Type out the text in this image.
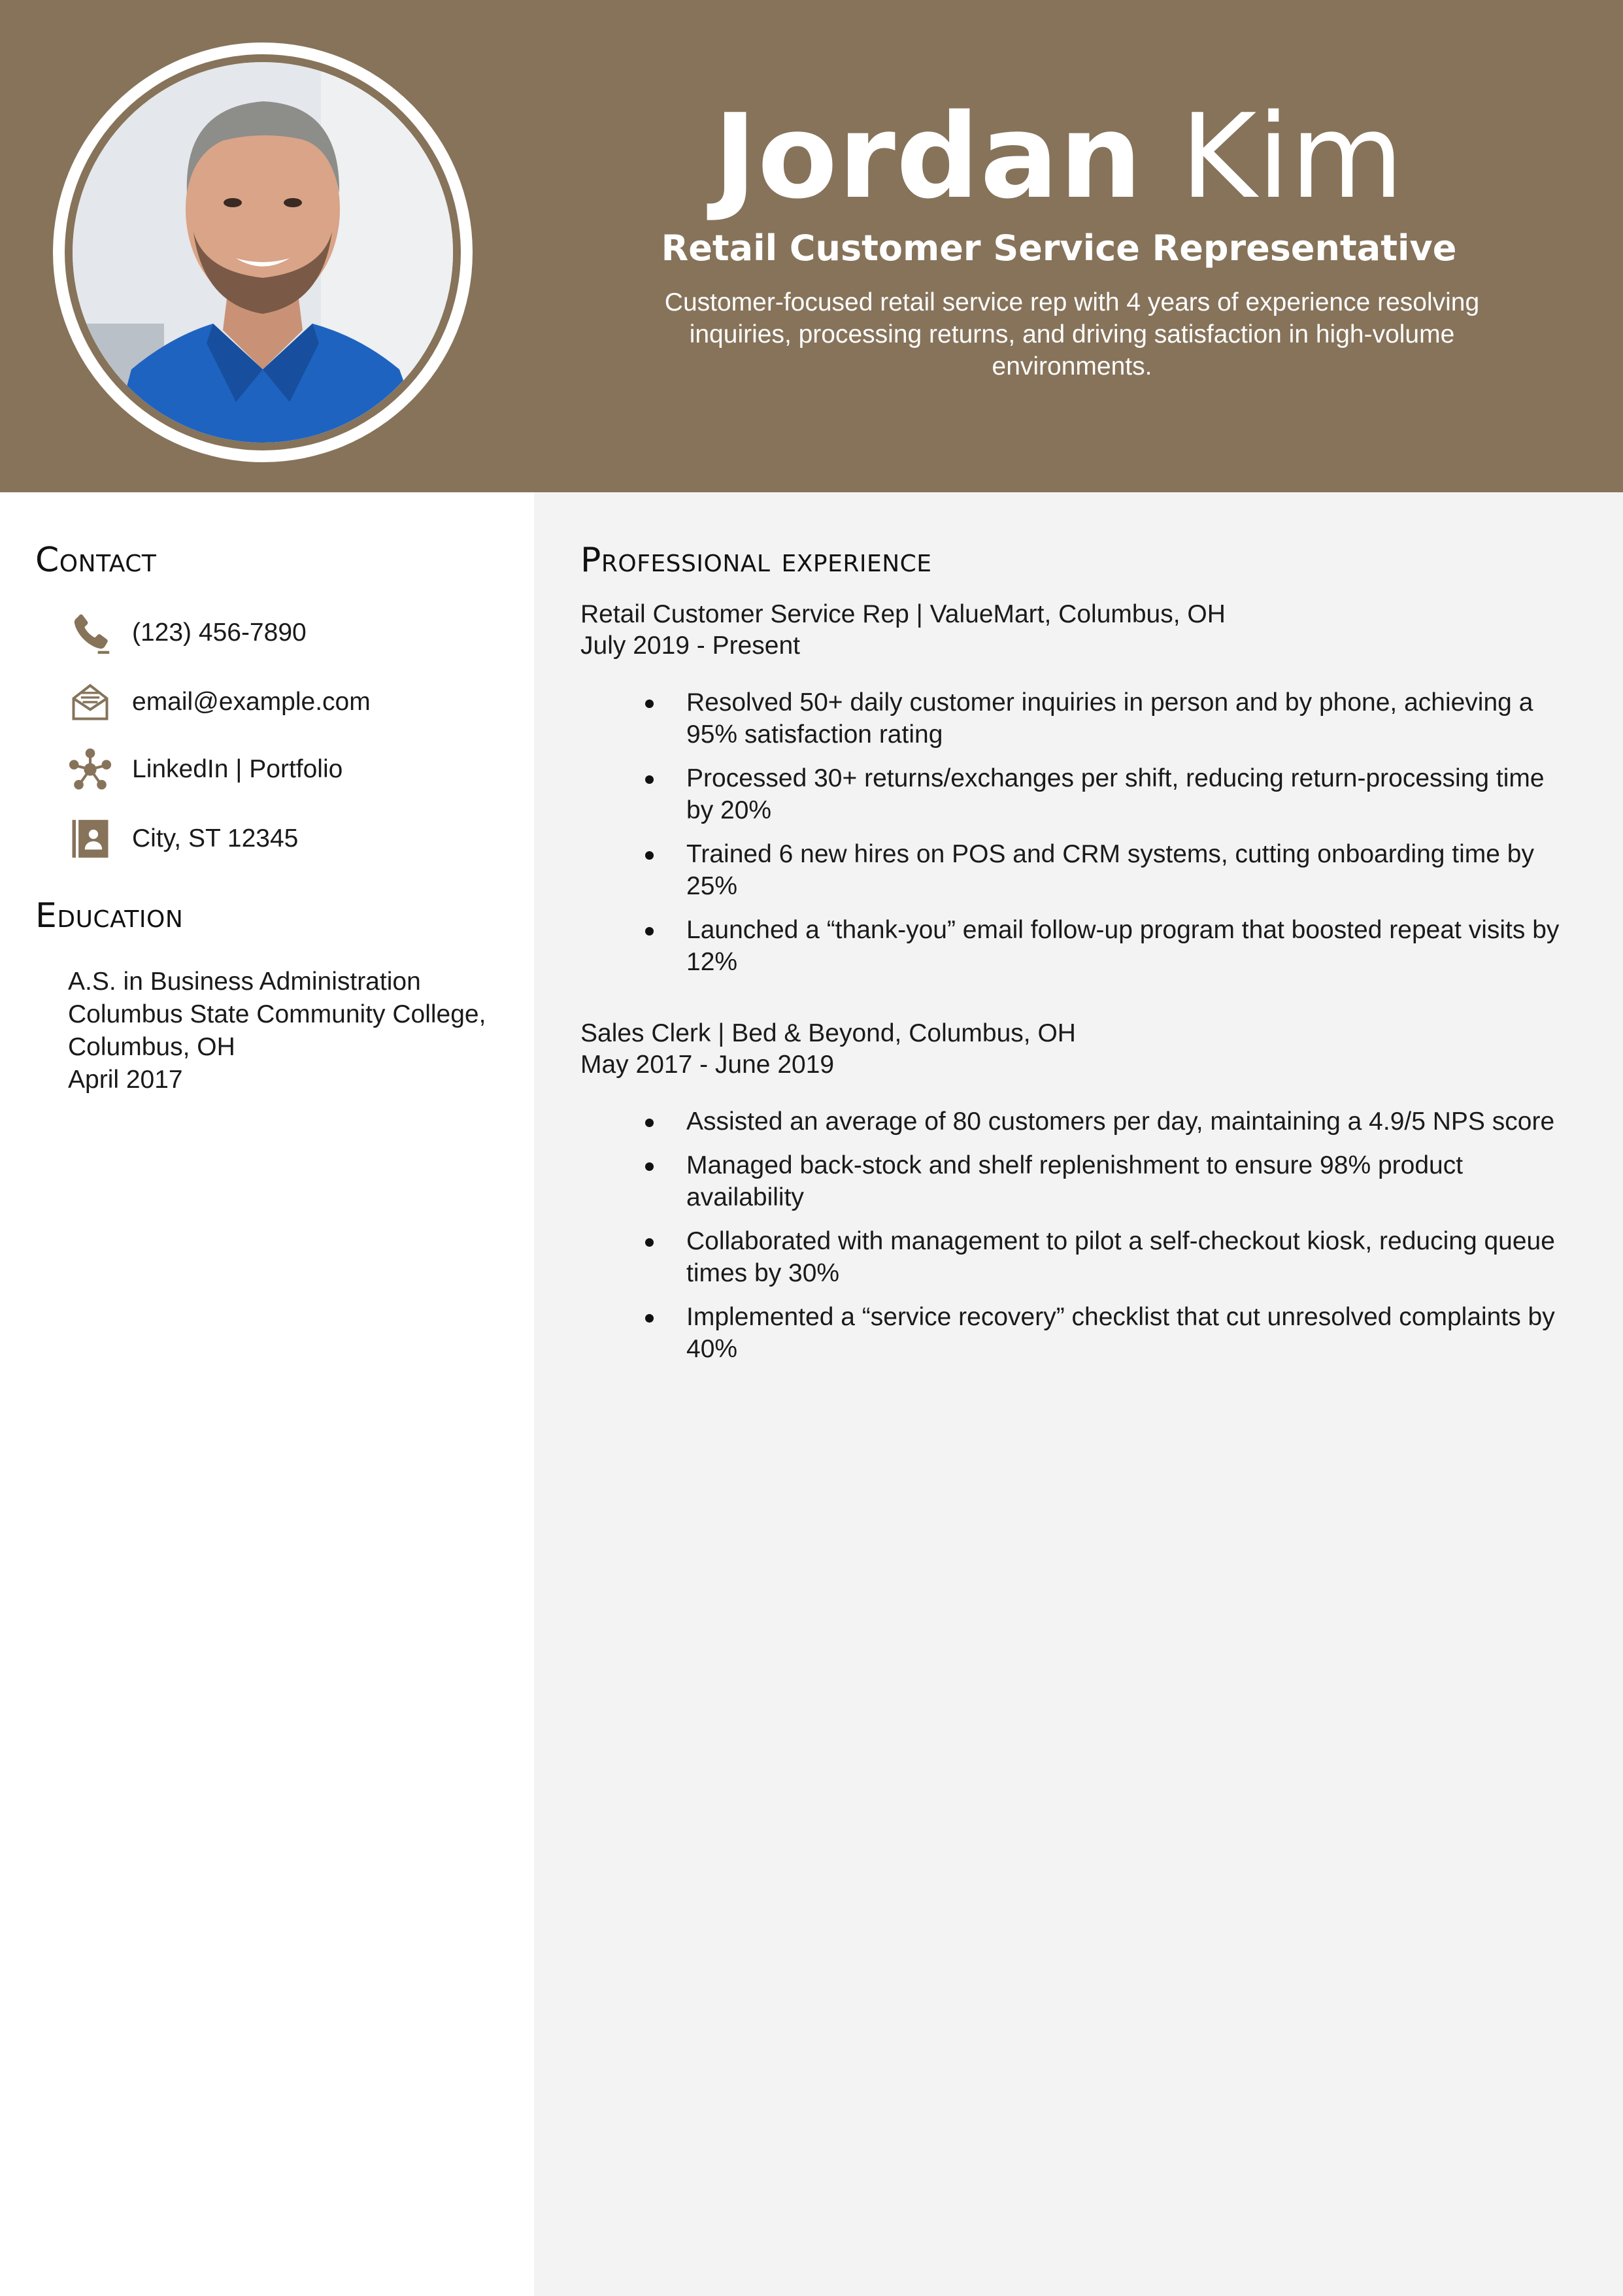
Jordan Kim
Retail Customer Service Representative
Customer-focused retail service rep with 4 years of experience resolving inquiries, processing returns, and driving satisfaction in high-volume environments.
Contact
(123) 456-7890
email@example.com
LinkedIn | Portfolio
City, ST 12345
Education
A.S. in Business Administration
Columbus State Community College,
Columbus, OH
April 2017
Professional experience
Retail Customer Service Rep | ValueMart, Columbus, OH
July 2019 - Present
Resolved 50+ daily customer inquiries in person and by phone, achieving a 95% satisfaction rating
Processed 30+ returns/exchanges per shift, reducing return-processing time by 20%
Trained 6 new hires on POS and CRM systems, cutting onboarding time by 25%
Launched a “thank-you” email follow-up program that boosted repeat visits by 12%
Sales Clerk | Bed & Beyond, Columbus, OH
May 2017 - June 2019
Assisted an average of 80 customers per day, maintaining a 4.9/5 NPS score
Managed back-stock and shelf replenishment to ensure 98% product availability
Collaborated with management to pilot a self-checkout kiosk, reducing queue times by 30%
Implemented a “service recovery” checklist that cut unresolved complaints by 40%
